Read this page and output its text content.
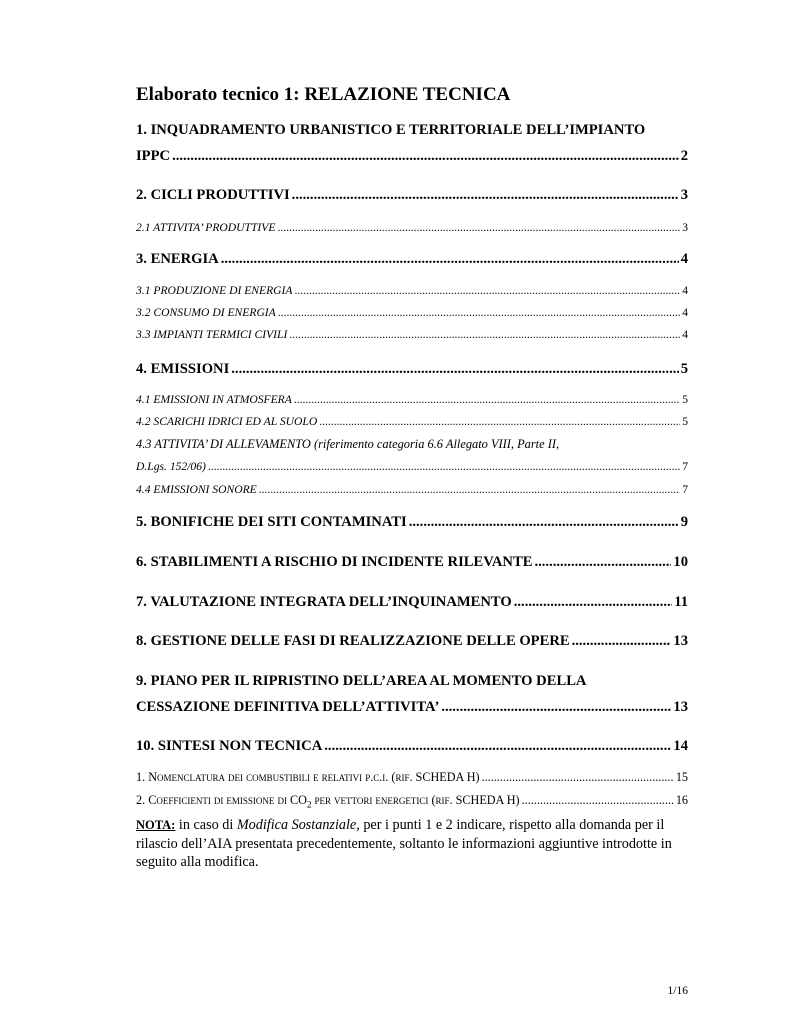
Elaborato tecnico 1: RELAZIONE TECNICA
1. INQUADRAMENTO URBANISTICO E TERRITORIALE DELL’IMPIANTO
IPPC .....	2
2. CICLI PRODUTTIVI .....	3
2.1 ATTIVITA’ PRODUTTIVE .....	3
3. ENERGIA .....	4
3.1 PRODUZIONE DI ENERGIA .....	4
3.2 CONSUMO DI ENERGIA .....	4
3.3 IMPIANTI TERMICI CIVILI .....	4
4. EMISSIONI .....	5
4.1 EMISSIONI IN ATMOSFERA .....	5
4.2 SCARICHI IDRICI ED AL SUOLO .....	5
4.3 ATTIVITA’ DI ALLEVAMENTO (riferimento categoria 6.6 Allegato VIII, Parte II,
D.Lgs. 152/06) .....	7
4.4 EMISSIONI SONORE .....	7
5. BONIFICHE DEI SITI CONTAMINATI .....	9
6. STABILIMENTI A RISCHIO DI INCIDENTE RILEVANTE .....	10
7. VALUTAZIONE INTEGRATA DELL’INQUINAMENTO .....	11
8. GESTIONE DELLE FASI DI REALIZZAZIONE DELLE OPERE .....	13
9. PIANO PER IL RIPRISTINO DELL’AREA AL MOMENTO DELLA
CESSAZIONE DEFINITIVA DELL’ATTIVITA’ .....	13
10. SINTESI NON TECNICA .....	14
1. Nomenclatura dei combustibili e relativi p.c.i. (rif. SCHEDA H) .....	15
2. Coefficienti di emissione di $CO_2$ per vettori energetici (rif. SCHEDA H) .....	16
NOTA: in caso di Modifica Sostanziale, per i punti 1 e 2 indicare, rispetto alla domanda per il rilascio dell’AIA presentata precedentemente, soltanto le informazioni aggiuntive introdotte in seguito alla modifica.
1/16
